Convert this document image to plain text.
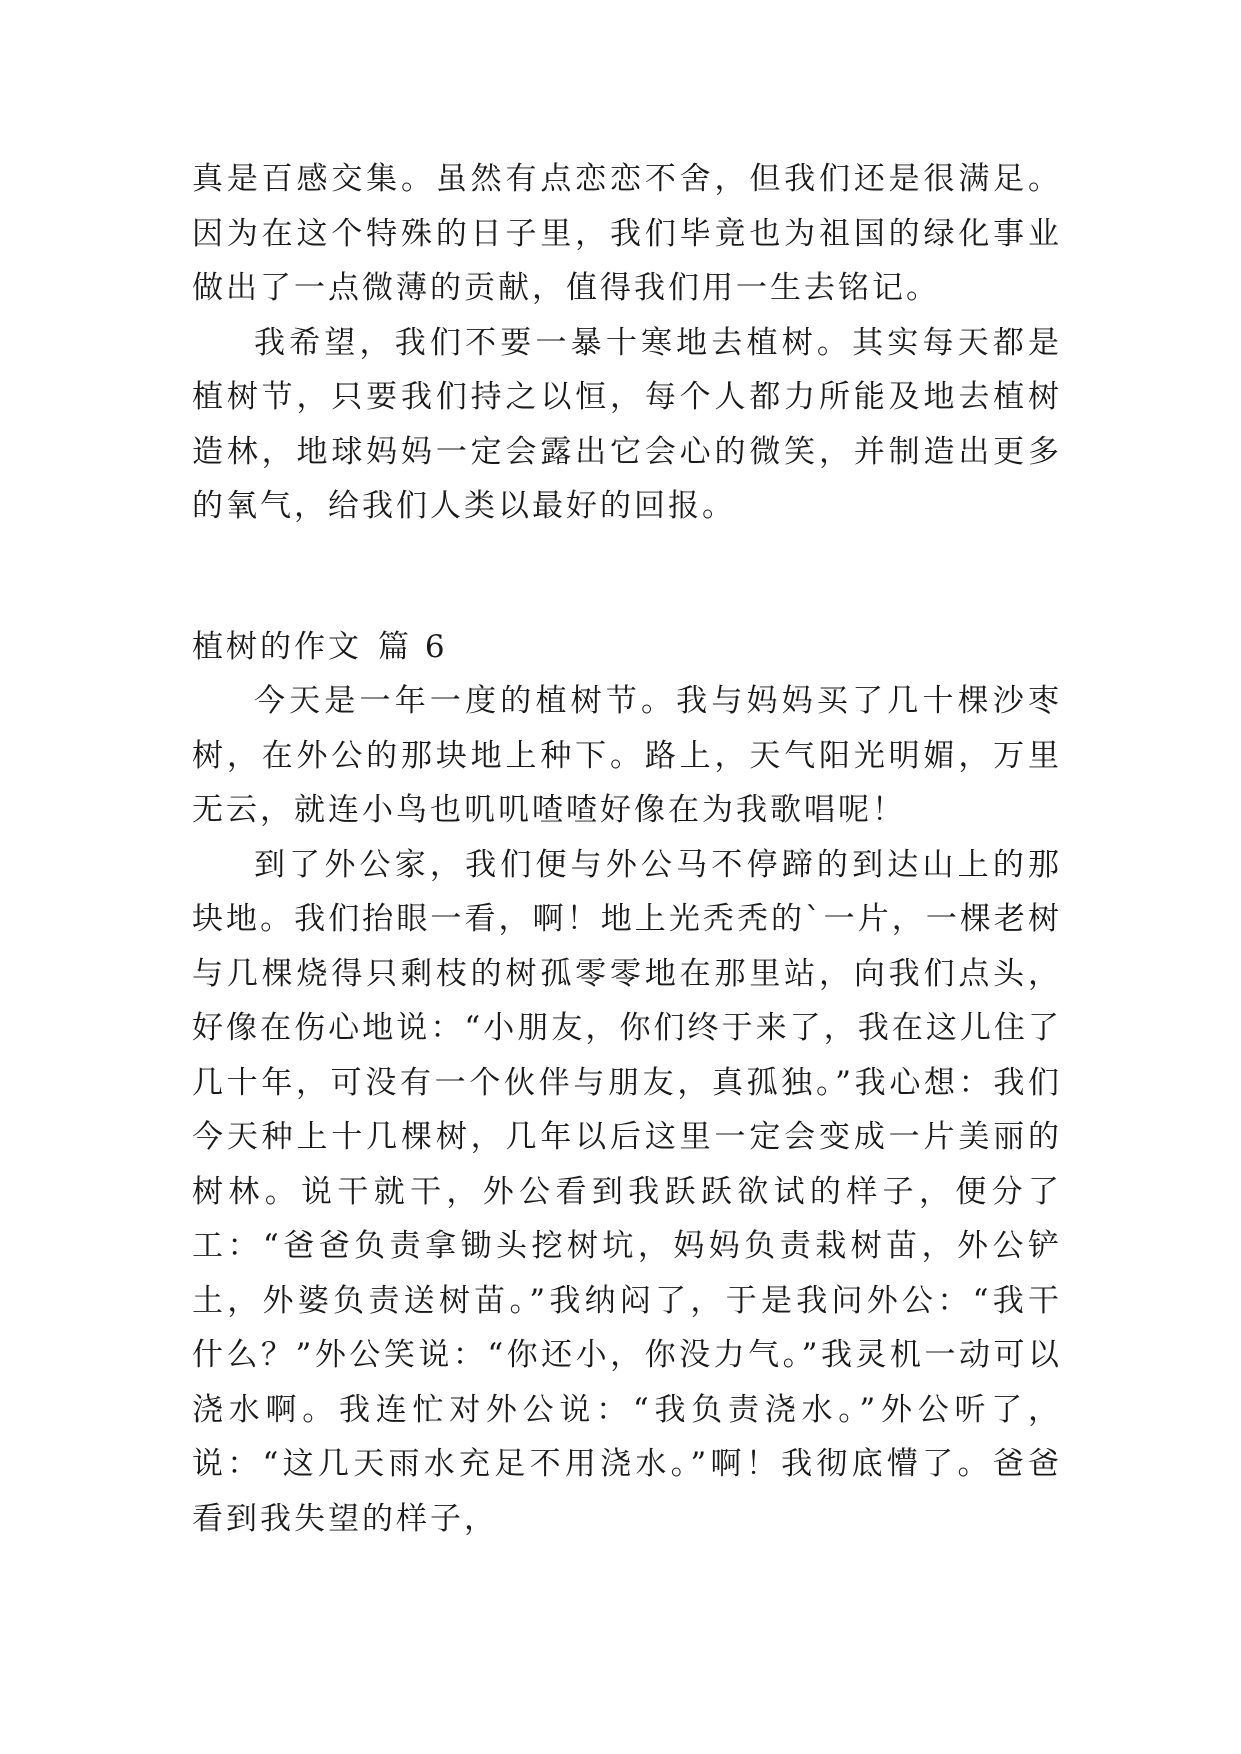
真是百感交集。虽然有点恋恋不舍，但我们还是很满足。因为在这个特殊的日子里，我们毕竟也为祖国的绿化事业做出了一点微薄的贡献，值得我们用一生去铭记。

我希望，我们不要一暴十寒地去植树。其实每天都是植树节，只要我们持之以恒，每个人都力所能及地去植树造林，地球妈妈一定会露出它会心的微笑，并制造出更多的氧气，给我们人类以最好的回报。

植树的作文 篇 6

今天是一年一度的植树节。我与妈妈买了几十棵沙枣树，在外公的那块地上种下。路上，天气阳光明媚，万里无云，就连小鸟也叽叽喳喳好像在为我歌唱呢！

到了外公家，我们便与外公马不停蹄的到达山上的那块地。我们抬眼一看，啊！地上光秃秃的`一片，一棵老树与几棵烧得只剩枝的树孤零零地在那里站，向我们点头，好像在伤心地说：“小朋友，你们终于来了，我在这儿住了几十年，可没有一个伙伴与朋友，真孤独。”我心想：我们今天种上十几棵树，几年以后这里一定会变成一片美丽的树林。说干就干，外公看到我跃跃欲试的样子，便分了工：“爸爸负责拿锄头挖树坑，妈妈负责栽树苗，外公铲土，外婆负责送树苗。”我纳闷了，于是我问外公：“我干什么？”外公笑说：“你还小，你没力气。”我灵机一动可以浇水啊。我连忙对外公说：“我负责浇水。”外公听了，说：“这几天雨水充足不用浇水。”啊！我彻底懵了。爸爸看到我失望的样子，
